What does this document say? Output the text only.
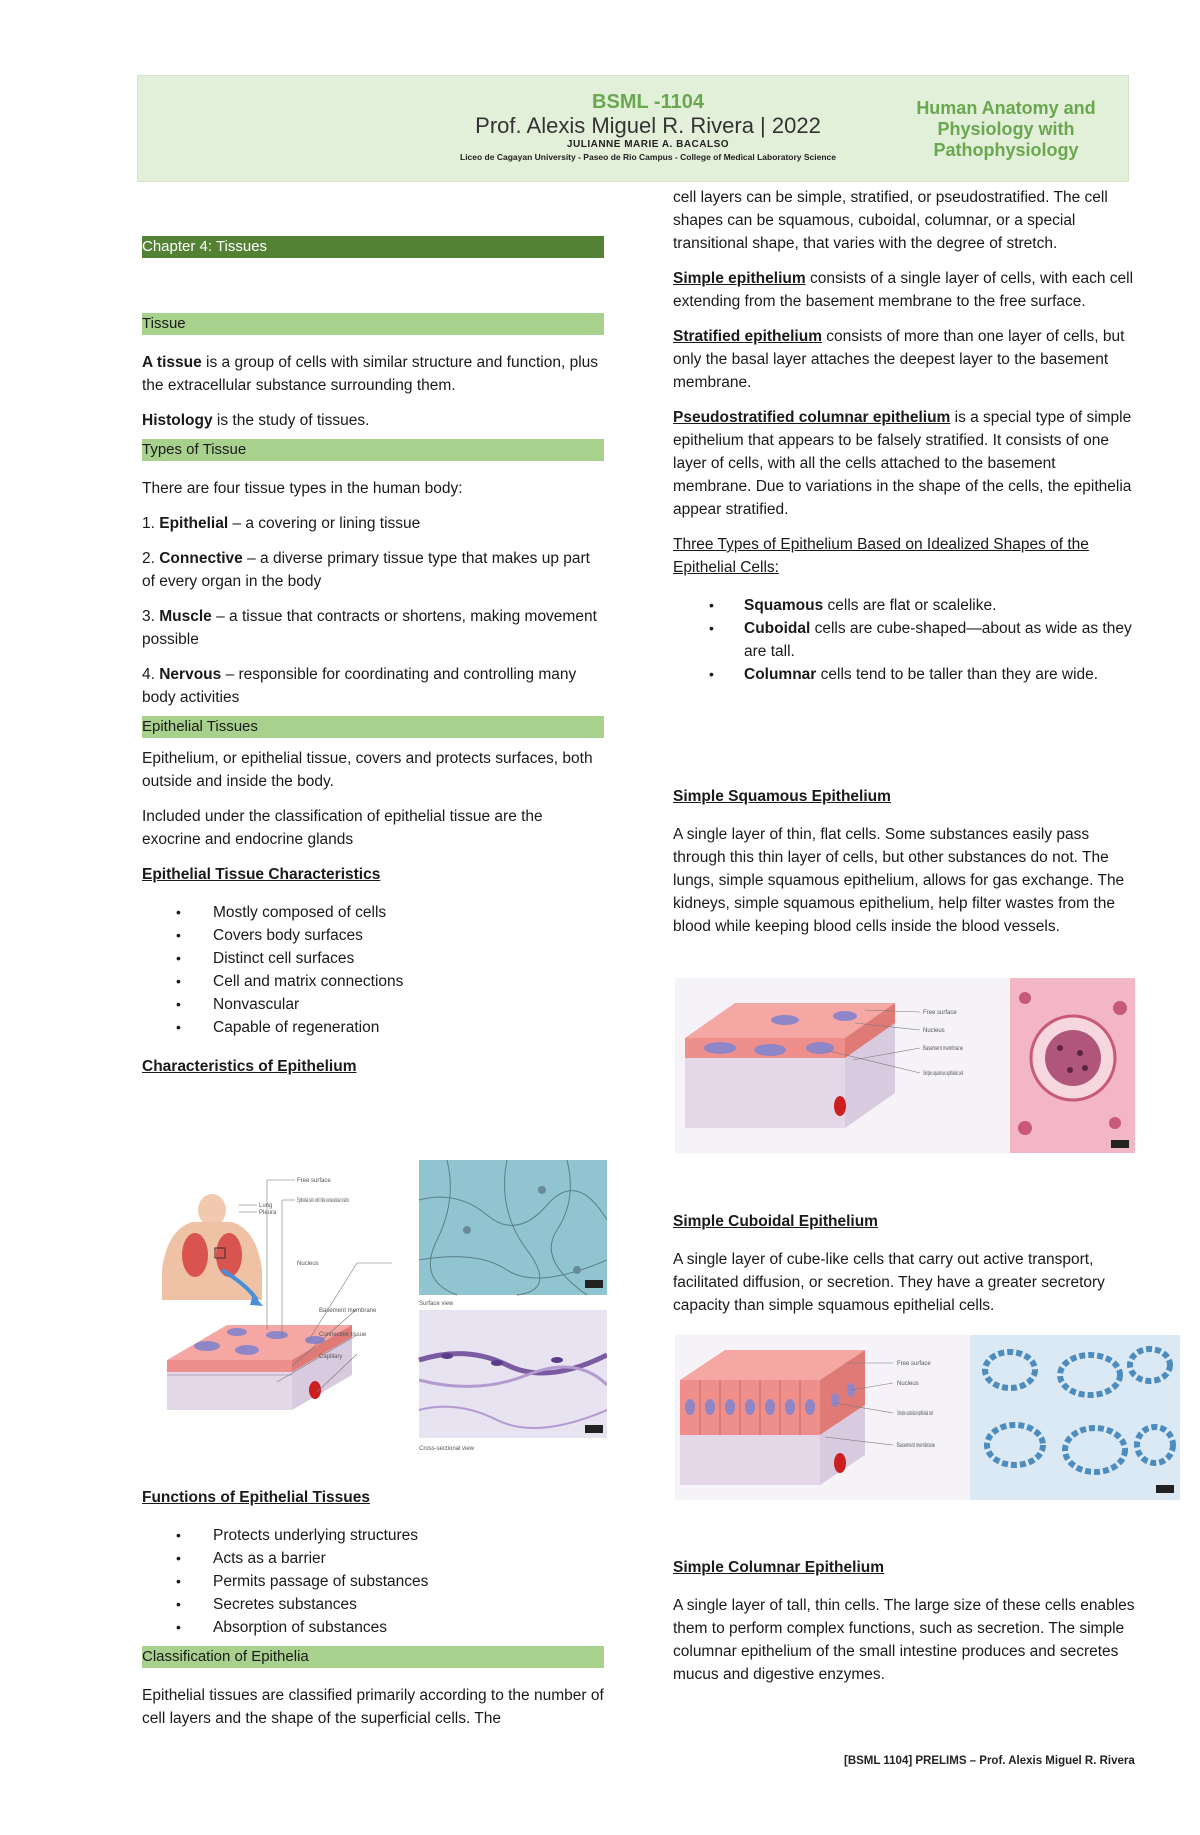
BSML -1104
Prof. Alexis Miguel R. Rivera | 2022
JULIANNE MARIE A. BACALSO
Liceo de Cagayan University - Paseo de Rio Campus - College of Medical Laboratory Science
Human Anatomy and Physiology with Pathophysiology
Chapter 4: Tissues
Tissue

A tissue is a group of cells with similar structure and function, plus the extracellular substance surrounding them.

Histology is the study of tissues.

Types of Tissue

There are four tissue types in the human body:

1. Epithelial – a covering or lining tissue

2. Connective – a diverse primary tissue type that makes up part of every organ in the body

3. Muscle – a tissue that contracts or shortens, making movement possible

4. Nervous – responsible for coordinating and controlling many body activities

Epithelial Tissues

Epithelium, or epithelial tissue, covers and protects surfaces, both outside and inside the body.

Included under the classification of epithelial tissue are the exocrine and endocrine glands

Epithelial Tissue Characteristics

• Mostly composed of cells
• Covers body surfaces
• Distinct cell surfaces
• Cell and matrix connections
• Nonvascular
• Capable of regeneration

Characteristics of Epithelium

Lung
Pleura
Free surface
Epithelial cells with little extracellular matrix
Nucleus
Basement membrane
Connective tissue
Capillary
Surface view
Cross-sectional view

Functions of Epithelial Tissues

• Protects underlying structures
• Acts as a barrier
• Permits passage of substances
• Secretes substances
• Absorption of substances
Classification of Epithelia

Epithelial tissues are classified primarily according to the number of cell layers and the shape of the superficial cells. The

cell layers can be simple, stratified, or pseudostratified. The cell shapes can be squamous, cuboidal, columnar, or a special transitional shape, that varies with the degree of stretch.

Simple epithelium consists of a single layer of cells, with each cell extending from the basement membrane to the free surface.

Stratified epithelium consists of more than one layer of cells, but only the basal layer attaches the deepest layer to the basement membrane.

Pseudostratified columnar epithelium is a special type of simple epithelium that appears to be falsely stratified. It consists of one layer of cells, with all the cells attached to the basement membrane. Due to variations in the shape of the cells, the epithelia appear stratified.

Three Types of Epithelium Based on Idealized Shapes of the Epithelial Cells:

• Squamous cells are flat or scalelike.
• Cuboidal cells are cube-shaped—about as wide as they are tall.
• Columnar cells tend to be taller than they are wide.

Simple Squamous Epithelium

A single layer of thin, flat cells. Some substances easily pass through this thin layer of cells, but other substances do not. The lungs, simple squamous epithelium, allows for gas exchange. The kidneys, simple squamous epithelium, help filter wastes from the blood while keeping blood cells inside the blood vessels.

Free surface
Nucleus
Basement membrane
Simple squamous epithelial cell

Simple Cuboidal Epithelium

A single layer of cube-like cells that carry out active transport, facilitated diffusion, or secretion. They have a greater secretory capacity than simple squamous epithelial cells.

Free surface
Nucleus
Simple cuboidal epithelial cell
Basement membrane

Simple Columnar Epithelium

A single layer of tall, thin cells. The large size of these cells enables them to perform complex functions, such as secretion. The simple columnar epithelium of the small intestine produces and secretes mucus and digestive enzymes.

[BSML 1104] PRELIMS – Prof. Alexis Miguel R. Rivera
